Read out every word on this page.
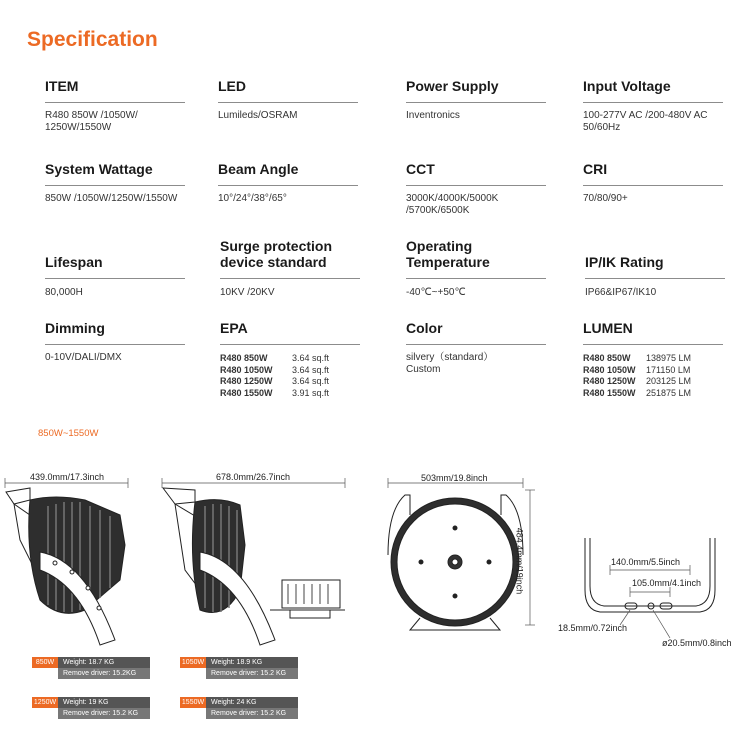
Specification
ITEM
R480 850W /1050W/
1250W/1550W
LED
Lumileds/OSRAM
Power Supply
Inventronics
Input Voltage
100-277V AC /200-480V AC
50/60Hz
System Wattage
850W /1050W/1250W/1550W
Beam Angle
10°/24°/38°/65°
CCT
3000K/4000K/5000K
/5700K/6500K
CRI
70/80/90+
Lifespan
80,000H
Surge protection
device standard
10KV /20KV
Operating
Temperature
-40℃~+50℃
IP/IK Rating
IP66&IP67/IK10
Dimming
0-10V/DALI/DMX
EPA
R480 850W	3.64 sq.ft
R480 1050W	3.64 sq.ft
R480 1250W	3.64 sq.ft
R480 1550W	3.91 sq.ft
Color
silvery（standard）
Custom
LUMEN
R480 850W	138975 LM
R480 1050W	171150 LM
R480 1250W	203125 LM
R480 1550W	251875 LM
850W~1550W
439.0mm/17.3inch	678.0mm/26.7inch	503mm/19.8inch
484.4mm/19inch	140.0mm/5.5inch
105.0mm/4.1inch
18.5mm/0.72inch
ø20.5mm/0.8inch
850W	Weight: 18.7 KG
Remove driver: 15.2KG
1050W Weight: 18.9 KG
Remove driver: 15.2 KG
1250W Weight: 19 KG
Remove driver: 15.2 KG
1550W Weight: 24 KG
Remove driver: 15.2 KG
